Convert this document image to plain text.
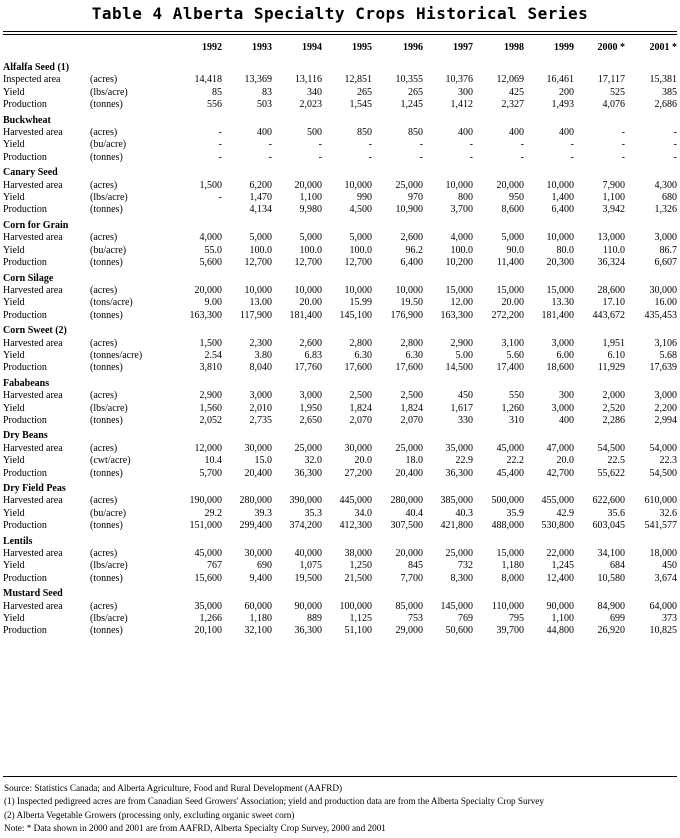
Table 4 Alberta Specialty Crops Historical Series
		1992	1993	1994	1995	1996	1997	1998	1999	2000 *	2001 *
Alfalfa Seed (1)											
Inspected area	(acres)	14,418	13,369	13,116	12,851	10,355	10,376	12,069	16,461	17,117	15,381
Yield	(lbs/acre)	85	83	340	265	265	300	425	200	525	385
Production	(tonnes)	556	503	2,023	1,545	1,245	1,412	2,327	1,493	4,076	2,686
Buckwheat											
Harvested area	(acres)	-	400	500	850	850	400	400	400	-	-
Yield	(bu/acre)	-	-	-	-	-	-	-	-	-	-
Production	(tonnes)	-	-	-	-	-	-	-	-	-	-
Canary Seed											
Harvested area	(acres)	1,500	6,200	20,000	10,000	25,000	10,000	20,000	10,000	7,900	4,300
Yield	(lbs/acre)	-	1,470	1,100	990	970	800	950	1,400	1,100	680
Production	(tonnes)		4,134	9,980	4,500	10,900	3,700	8,600	6,400	3,942	1,326
Corn for Grain											
Harvested area	(acres)	4,000	5,000	5,000	5,000	2,600	4,000	5,000	10,000	13,000	3,000
Yield	(bu/acre)	55.0	100.0	100.0	100.0	96.2	100.0	90.0	80.0	110.0	86.7
Production	(tonnes)	5,600	12,700	12,700	12,700	6,400	10,200	11,400	20,300	36,324	6,607
Corn Silage											
Harvested area	(acres)	20,000	10,000	10,000	10,000	10,000	15,000	15,000	15,000	28,600	30,000
Yield	(tons/acre)	9.00	13.00	20.00	15.99	19.50	12.00	20.00	13.30	17.10	16.00
Production	(tonnes)	163,300	117,900	181,400	145,100	176,900	163,300	272,200	181,400	443,672	435,453
Corn Sweet (2)											
Harvested area	(acres)	1,500	2,300	2,600	2,800	2,800	2,900	3,100	3,000	1,951	3,106
Yield	(tonnes/acre)	2.54	3.80	6.83	6.30	6.30	5.00	5.60	6.00	6.10	5.68
Production	(tonnes)	3,810	8,040	17,760	17,600	17,600	14,500	17,400	18,600	11,929	17,639
Fababeans											
Harvested area	(acres)	2,900	3,000	3,000	2,500	2,500	450	550	300	2,000	3,000
Yield	(lbs/acre)	1,560	2,010	1,950	1,824	1,824	1,617	1,260	3,000	2,520	2,200
Production	(tonnes)	2,052	2,735	2,650	2,070	2,070	330	310	400	2,286	2,994
Dry Beans											
Harvested area	(acres)	12,000	30,000	25,000	30,000	25,000	35,000	45,000	47,000	54,500	54,000
Yield	(cwt/acre)	10.4	15.0	32.0	20.0	18.0	22.9	22.2	20.0	22.5	22.3
Production	(tonnes)	5,700	20,400	36,300	27,200	20,400	36,300	45,400	42,700	55,622	54,500
Dry Field Peas											
Harvested area	(acres)	190,000	280,000	390,000	445,000	280,000	385,000	500,000	455,000	622,600	610,000
Yield	(bu/acre)	29.2	39.3	35.3	34.0	40.4	40.3	35.9	42.9	35.6	32.6
Production	(tonnes)	151,000	299,400	374,200	412,300	307,500	421,800	488,000	530,800	603,045	541,577
Lentils											
Harvested area	(acres)	45,000	30,000	40,000	38,000	20,000	25,000	15,000	22,000	34,100	18,000
Yield	(lbs/acre)	767	690	1,075	1,250	845	732	1,180	1,245	684	450
Production	(tonnes)	15,600	9,400	19,500	21,500	7,700	8,300	8,000	12,400	10,580	3,674
Mustard Seed											
Harvested area	(acres)	35,000	60,000	90,000	100,000	85,000	145,000	110,000	90,000	84,900	64,000
Yield	(lbs/acre)	1,266	1,180	889	1,125	753	769	795	1,100	699	373
Production	(tonnes)	20,100	32,100	36,300	51,100	29,000	50,600	39,700	44,800	26,920	10,825
Source: Statistics Canada; and Alberta Agriculture, Food and Rural Development (AAFRD)
(1) Inspected pedigreed acres are from Canadian Seed Growers' Association; yield and production data are from the Alberta Specialty Crop Survey
(2) Alberta Vegetable Growers (processing only, excluding organic sweet corn)
Note: * Data shown in 2000 and 2001 are from AAFRD, Alberta Specialty Crop Survey, 2000 and 2001
